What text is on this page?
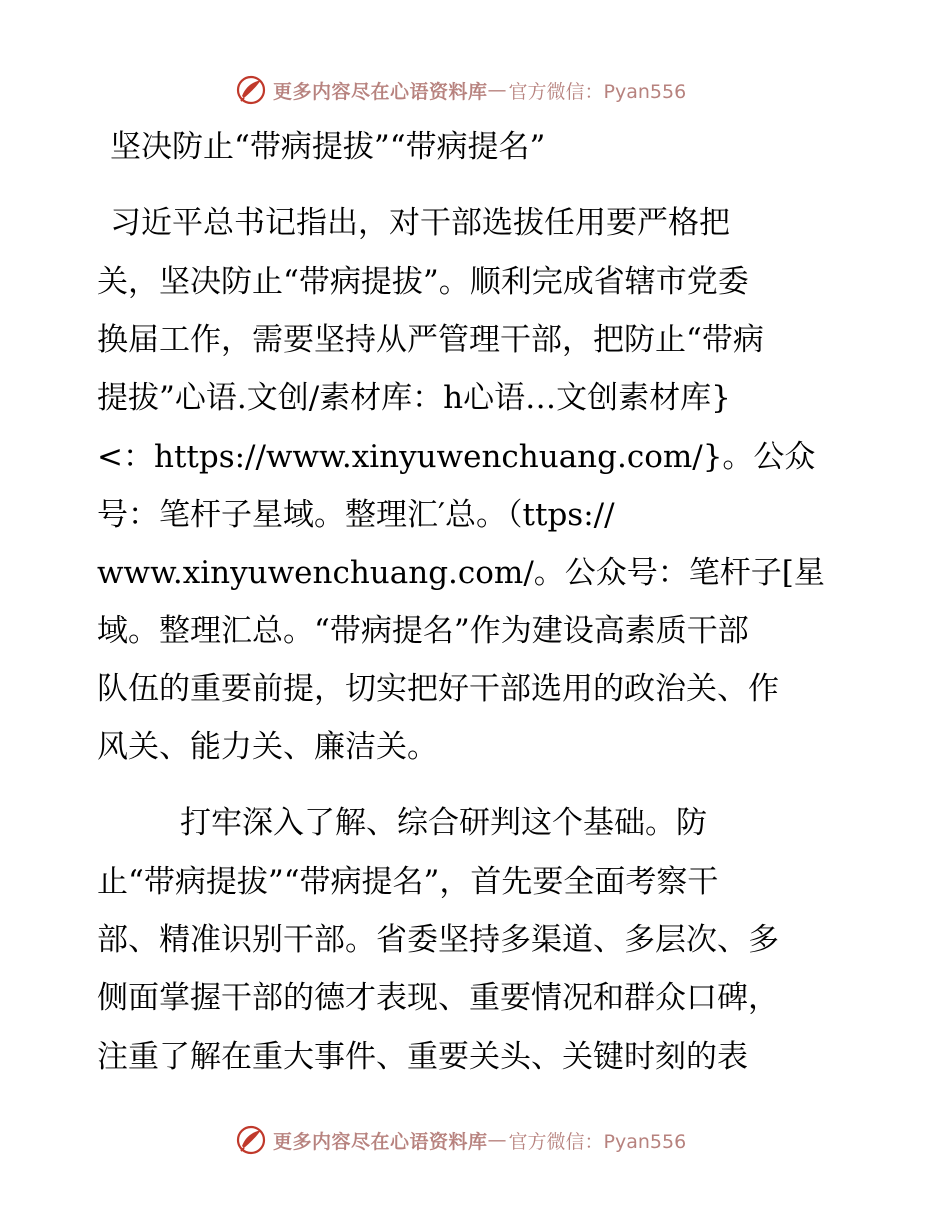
更多内容尽在心语资料库 — 官方微信：Pyan556
坚决防止“带病提拔”“带病提名”
习近平总书记指出，对干部选拔任用要严格把
关，坚决防止“带病提拔”。顺利完成省辖市党委
换届工作，需要坚持从严管理干部，把防止“带病
提拔”心语.文创/素材库：h心语…文创素材库}
<：https://www.xinyuwenchuang.com/}。公众
号：笔杆子星域。整理汇′总。（ttps://
www.xinyuwenchuang.com/。公众号：笔杆子[星
域。整理汇总。“带病提名”作为建设高素质干部
队伍的重要前提，切实把好干部选用的政治关、作
风关、能力关、廉洁关。
打牢深入了解、综合研判这个基础。防
止“带病提拔”“带病提名”，首先要全面考察干
部、精准识别干部。省委坚持多渠道、多层次、多
侧面掌握干部的德才表现、重要情况和群众口碑，
注重了解在重大事件、重要关头、关键时刻的表
更多内容尽在心语资料库 — 官方微信：Pyan556
